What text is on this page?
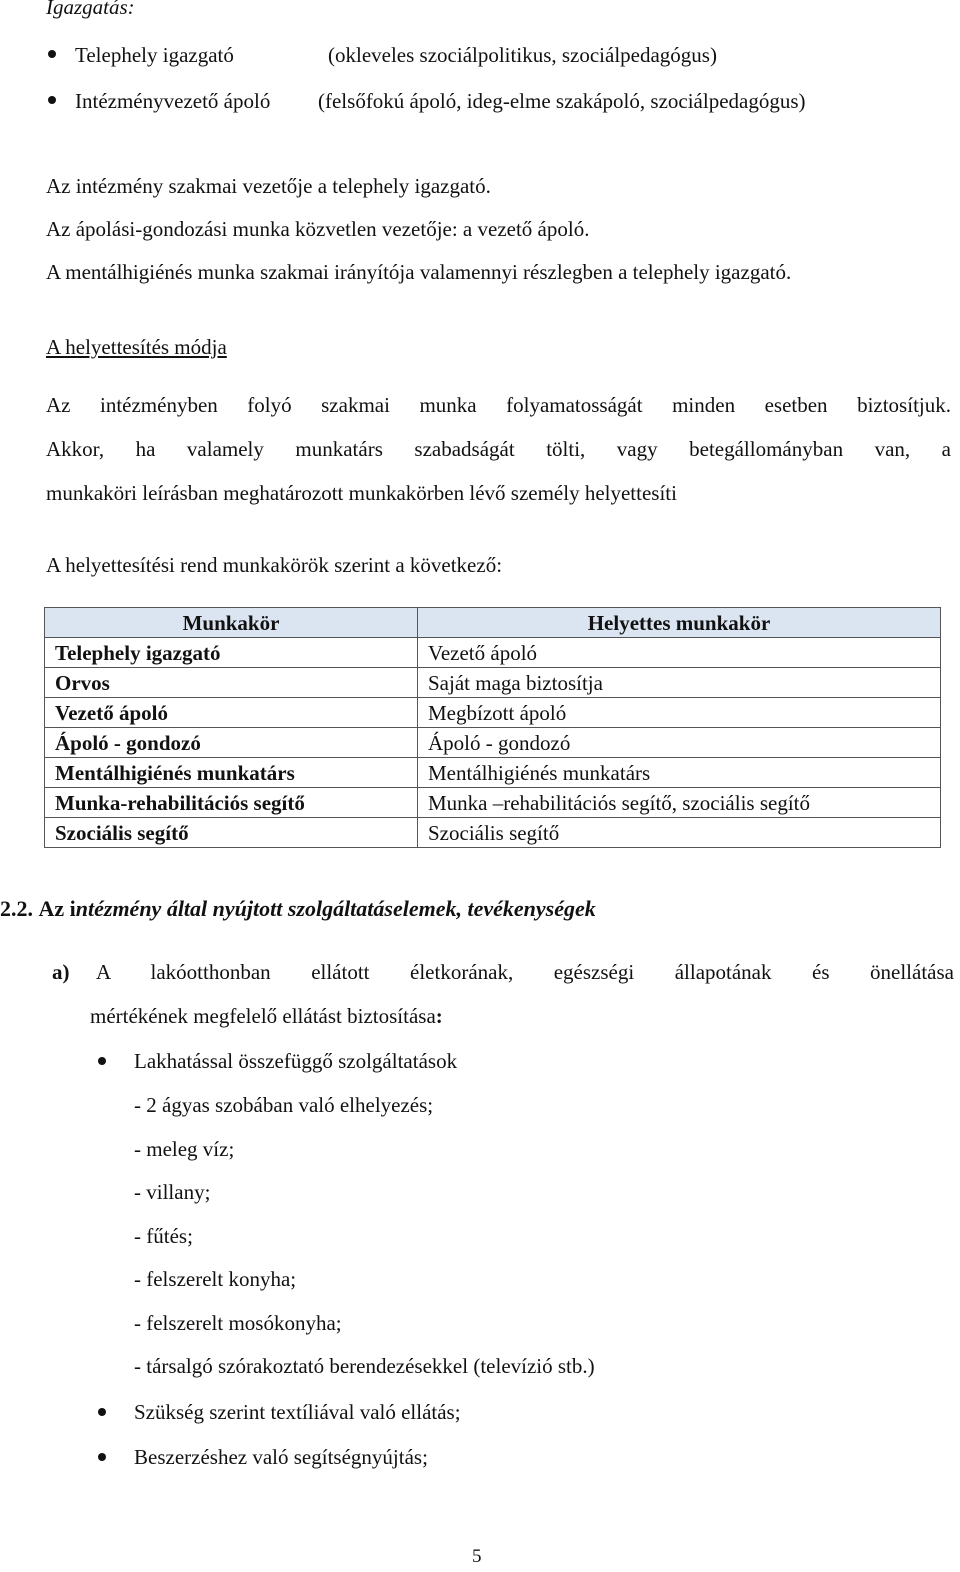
Igazgatás:
Telephely igazgató	(okleveles szociálpolitikus, szociálpedagógus)
Intézményvezető ápoló (felsőfokú ápoló, ideg-elme szakápoló, szociálpedagógus)
Az intézmény szakmai vezetője a telephely igazgató.
Az ápolási-gondozási munka közvetlen vezetője: a vezető ápoló.
A mentálhigiénés munka szakmai irányítója valamennyi részlegben a telephely igazgató.
A helyettesítés módja
Az intézményben folyó szakmai munka folyamatosságát minden esetben biztosítjuk.
Akkor, ha valamely munkatárs szabadságát tölti, vagy betegállományban van, a
munkaköri leírásban meghatározott munkakörben lévő személy helyettesíti
A helyettesítési rend munkakörök szerint a következő:
Munkakör	Helyettes munkakör
Telephely igazgató	Vezető ápoló
Orvos	Saját maga biztosítja
Vezető ápoló	Megbízott ápoló
Ápoló - gondozó	Ápoló - gondozó
Mentálhigiénés munkatárs	Mentálhigiénés munkatárs
Munka-rehabilitációs segítő	Munka –rehabilitációs segítő, szociális segítő
Szociális segítő	Szociális segítő
2.2. Az intézmény által nyújtott szolgáltatáselemek, tevékenységek
a) A lakóotthonban ellátott életkorának, egészségi állapotának és önellátása
mértékének megfelelő ellátást biztosítása:
Lakhatással összefüggő szolgáltatások
- 2 ágyas szobában való elhelyezés;
- meleg víz;
- villany;
- fűtés;
- felszerelt konyha;
- felszerelt mosókonyha;
- társalgó szórakoztató berendezésekkel (televízió stb.)
Szükség szerint textíliával való ellátás;
Beszerzéshez való segítségnyújtás;
5
